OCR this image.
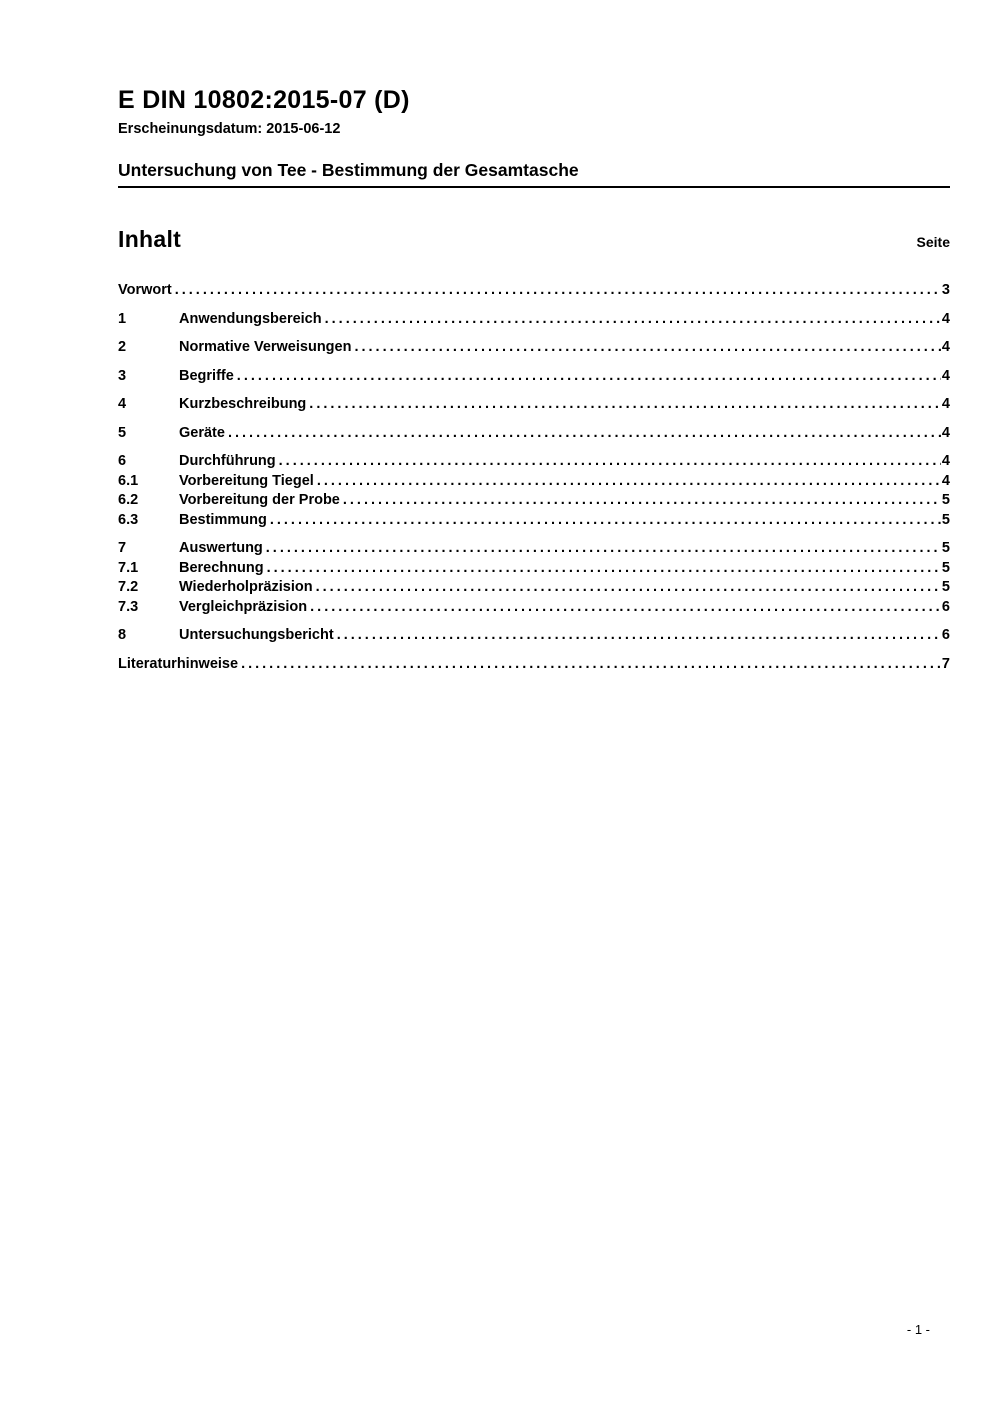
E DIN 10802:2015-07 (D)
Erscheinungsdatum: 2015-06-12
Untersuchung von Tee - Bestimmung der Gesamtasche
Inhalt	Seite
Vorwort .....	3
1	Anwendungsbereich .....	4
2	Normative Verweisungen .....	4
3	Begriffe .....	4
4	Kurzbeschreibung .....	4
5	Geräte .....	4
6	Durchführung .....	4
6.1	Vorbereitung Tiegel .....	4
6.2	Vorbereitung der Probe .....	5
6.3	Bestimmung .....	5
7	Auswertung .....	5
7.1	Berechnung .....	5
7.2	Wiederholpräzision .....	5
7.3	Vergleichpräzision .....	6
8	Untersuchungsbericht .....	6
Literaturhinweise .....	7
- 1 -
